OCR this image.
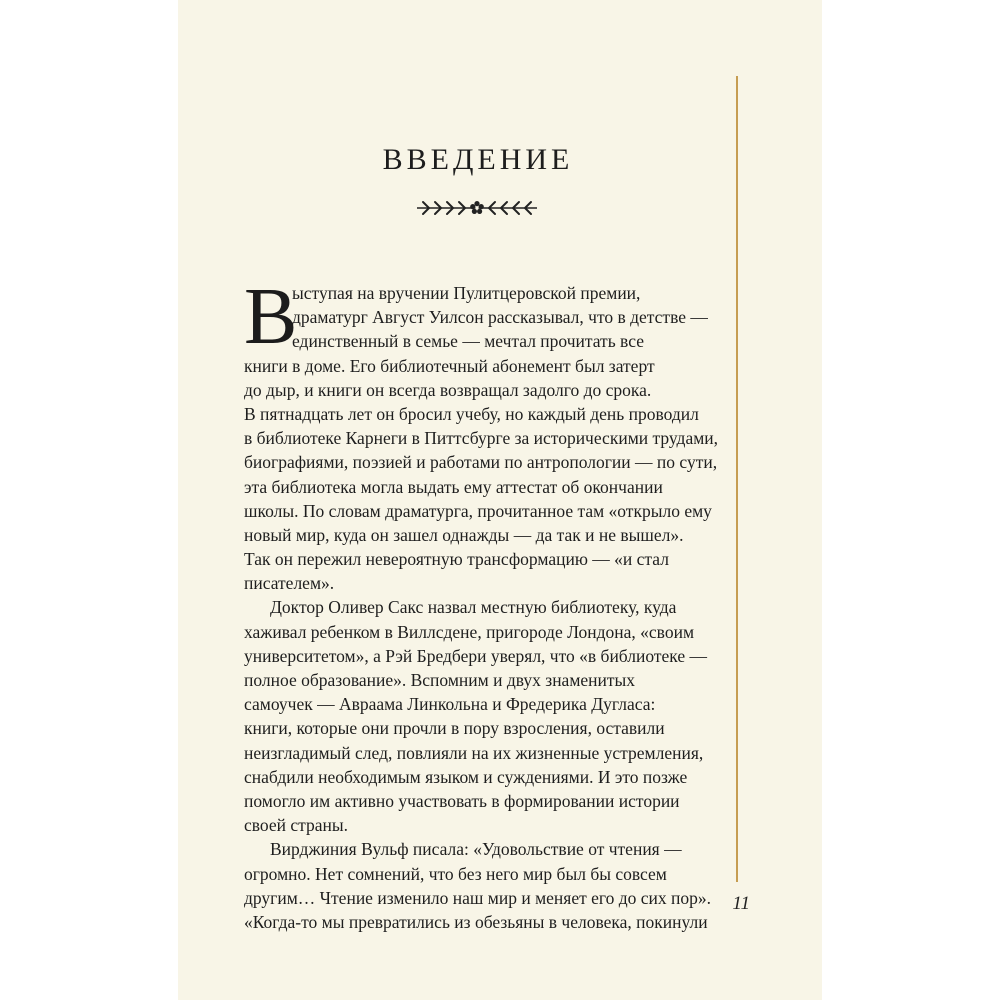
ВВЕДЕНИЕ
В
ыступая на вручении Пулитцеровской премии,
драматург Август Уилсон рассказывал, что в детстве —
единственный в семье — мечтал прочитать все
книги в доме. Его библиотечный абонемент был затерт
до дыр, и книги он всегда возвращал задолго до срока.
В пятнадцать лет он бросил учебу, но каждый день проводил
в библиотеке Карнеги в Питтсбурге за историческими трудами,
биографиями, поэзией и работами по антропологии — по сути,
эта библиотека могла выдать ему аттестат об окончании
школы. По словам драматурга, прочитанное там «открыло ему
новый мир, куда он зашел однажды — да так и не вышел».
Так он пережил невероятную трансформацию — «и стал
писателем».
Доктор Оливер Сакс назвал местную библиотеку, куда
хаживал ребенком в Виллсдене, пригороде Лондона, «своим
университетом», а Рэй Бредбери уверял, что «в библиотеке —
полное образование». Вспомним и двух знаменитых
самоучек — Авраама Линкольна и Фредерика Дугласа:
книги, которые они прочли в пору взросления, оставили
неизгладимый след, повлияли на их жизненные устремления,
снабдили необходимым языком и суждениями. И это позже
помогло им активно участвовать в формировании истории
своей страны.
Вирджиния Вульф писала: «Удовольствие от чтения —
огромно. Нет сомнений, что без него мир был бы совсем
другим… Чтение изменило наш мир и меняет его до сих пор».
«Когда-то мы превратились из обезьяны в человека, покинули
11
